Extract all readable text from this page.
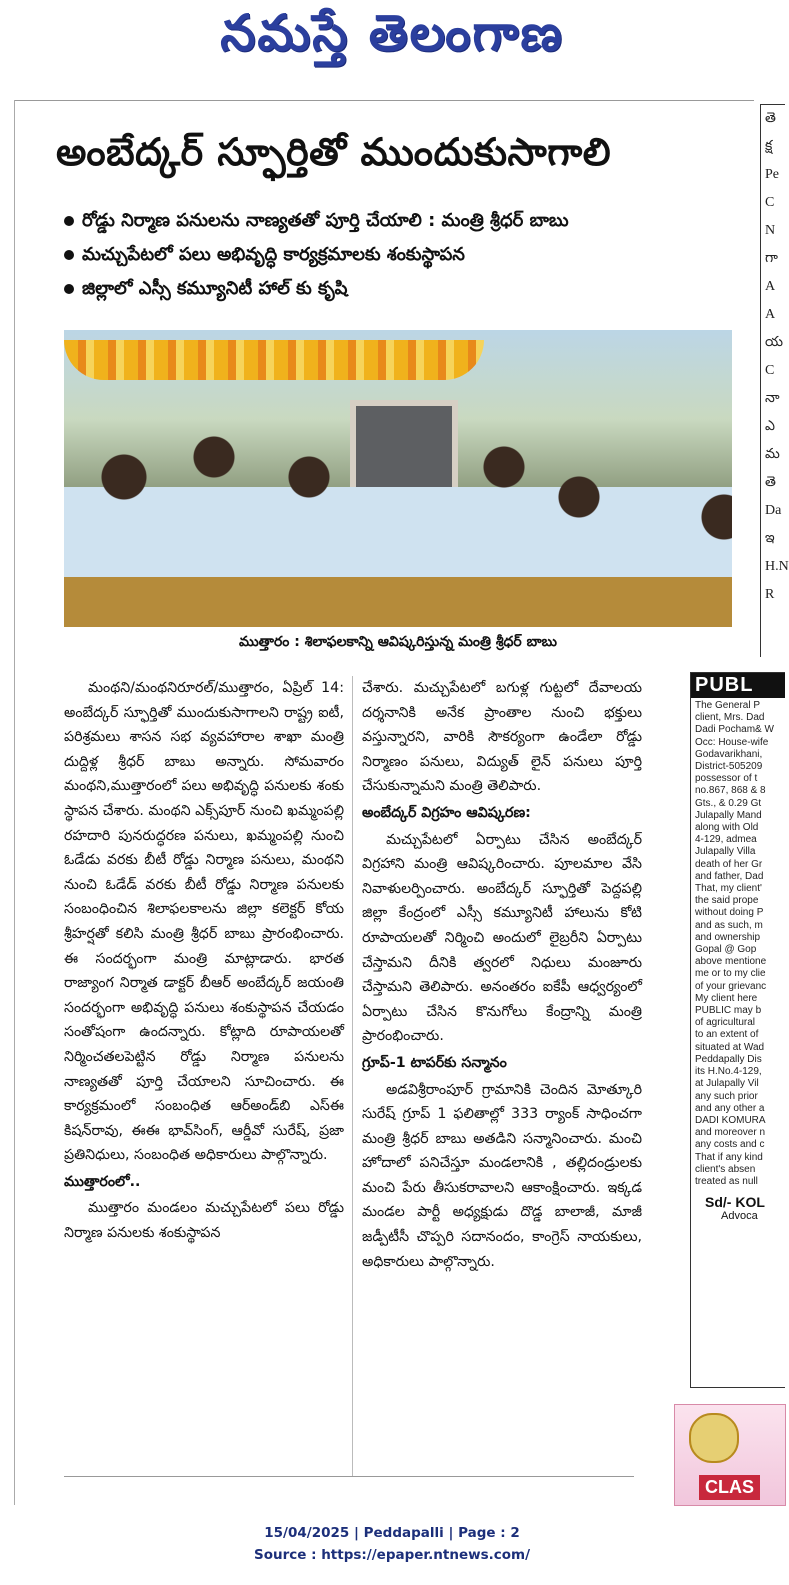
నమస్తే తెలంగాణ
అంబేద్కర్ స్ఫూర్తితో ముందుకుసాగాలి
రోడ్డు నిర్మాణ పనులను నాణ్యతతో పూర్తి చేయాలి : మంత్రి శ్రీధర్ బాబు
మచ్చుపేటలో పలు అభివృద్ధి కార్యక్రమాలకు శంకుస్థాపన
జిల్లాలో ఎస్సీ కమ్యూనిటీ హాల్ కు కృషి
ముత్తారం : శిలాఫలకాన్ని ఆవిష్కరిస్తున్న మంత్రి శ్రీధర్ బాబు

మంథని/మంథనిరూరల్/ముత్తారం, ఏప్రిల్ 14: అంబేద్కర్ స్ఫూర్తితో ముందుకుసాగాలని రాష్ట్ర ఐటీ, పరిశ్రమలు శాసన సభ వ్యవహారాల శాఖా మంత్రి దుద్దిళ్ల శ్రీధర్ బాబు అన్నారు. సోమవారం మంథని,ముత్తారంలో పలు అభివృద్ధి పనులకు శంకు స్థాపన చేశారు. మంథని ఎక్స్‌పూర్ నుంచి ఖమ్మంపల్లి రహదారి పునరుద్ధరణ పనులు, ఖమ్మంపల్లి నుంచి ఓడేడు వరకు బీటీ రోడ్డు నిర్మాణ పనులు, మంథని నుంచి ఓడేడ్ వరకు బీటీ రోడ్డు నిర్మాణ పనులకు సంబంధించిన శిలాఫలకాలను జిల్లా కలెక్టర్ కోయ శ్రీహర్షతో కలిసి మంత్రి శ్రీధర్ బాబు ప్రారంభించారు. ఈ సందర్భంగా మంత్రి మాట్లాడారు. భారత రాజ్యాంగ నిర్మాత డాక్టర్ బీఆర్ అంబేద్కర్ జయంతి సందర్భంగా అభివృద్ధి పనులు శంకుస్థాపన చేయడం సంతోషంగా ఉందన్నారు. కోట్లాది రూపాయలతో నిర్మించతలపెట్టిన రోడ్డు నిర్మాణ పనులను నాణ్యతతో పూర్తి చేయాలని సూచించారు. ఈ కార్యక్రమంలో సంబంధిత ఆర్‌అండ్‌బి ఎస్‌ఈ కిషన్‌రావు, ఈఈ భావ్‌సింగ్, ఆర్డీవో సురేష్, ప్రజా ప్రతినిధులు, సంబంధిత అధికారులు పాల్గొన్నారు.

ముత్తారంలో..

ముత్తారం మండలం మచ్చుపేటలో పలు రోడ్డు నిర్మాణ పనులకు శంకుస్థాపన

చేశారు. మచ్చుపేటలో బగుళ్ల గుట్టలో దేవాలయ దర్శనానికి అనేక ప్రాంతాల నుంచి భక్తులు వస్తున్నారని, వారికి సౌకర్యంగా ఉండేలా రోడ్డు నిర్మాణం పనులు, విద్యుత్ లైన్ పనులు పూర్తి చేసుకున్నామని మంత్రి తెలిపారు.

అంబేద్కర్ విగ్రహం ఆవిష్కరణ:

మచ్చుపేటలో ఏర్పాటు చేసిన అంబేద్కర్ విగ్రహాని మంత్రి ఆవిష్కరించారు. పూలమాల వేసి నివాళులర్పించారు. అంబేద్కర్ స్ఫూర్తితో పెద్దపల్లి జిల్లా కేంద్రంలో ఎస్సీ కమ్యూనిటీ హాలును కోటి రూపాయలతో నిర్మించి అందులో లైబ్రరీని ఏర్పాటు చేస్తామని దీనికి త్వరలో నిధులు మంజూరు చేస్తామని తెలిపారు. అనంతరం ఐకేపీ ఆధ్వర్యంలో ఏర్పాటు చేసిన కొనుగోలు కేంద్రాన్ని మంత్రి ప్రారంభించారు.

గ్రూప్-1 టాపర్‌కు సన్మానం

అడవిశ్రీరాంపూర్ గ్రామానికి చెందిన మోత్కూరి సురేష్ గ్రూప్ 1 ఫలితాల్లో 333 ర్యాంక్ సాధించగా మంత్రి శ్రీధర్ బాబు అతడిని సన్మానించారు. మంచి హోదాలో పనిచేస్తూ మండలానికి , తల్లిదండ్రులకు మంచి పేరు తీసుకరావాలని ఆకాంక్షించారు. ఇక్కడ మండల పార్టీ అధ్యక్షుడు దొడ్డ బాలాజీ, మాజీ జడ్పీటీసీ చొప్పరి సదానందం, కాంగ్రెస్ నాయకులు, అధికారులు పాల్గొన్నారు.

తె
క్ష
Pe
C
N
గా
A
A
య
C
నా
ఎ
మ
తె
Da
ఇ
H.N
R
PUBL
The General P
client, Mrs. Dad
Dadi Pocham& W
Occ: House-wife
Godavarikhani,
District-505209
possessor of t
no.867, 868 & 8
Gts., & 0.29 Gt
Julapally Mand
along with Old
4-129, admea
Julapally Villa
death of her Gr
and father, Dad
That, my client'
the said prope
without doing P
and as such, m
and ownership
Gopal @ Gop
above mentione
me or to my clie
of your grievanc
My client here
PUBLIC may b
of agricultural
to an extent of
situated at Wad
Peddapally Dis
its H.No.4-129,
at Julapally Vil
any such prior
and any other a
DADI KOMURA
and moreover n
any costs and c
That if any kind
client's absen
treated as null
Sd/- KOL
Advoca
CLAS
15/04/2025 | Peddapalli | Page : 2
Source : https://epaper.ntnews.com/
